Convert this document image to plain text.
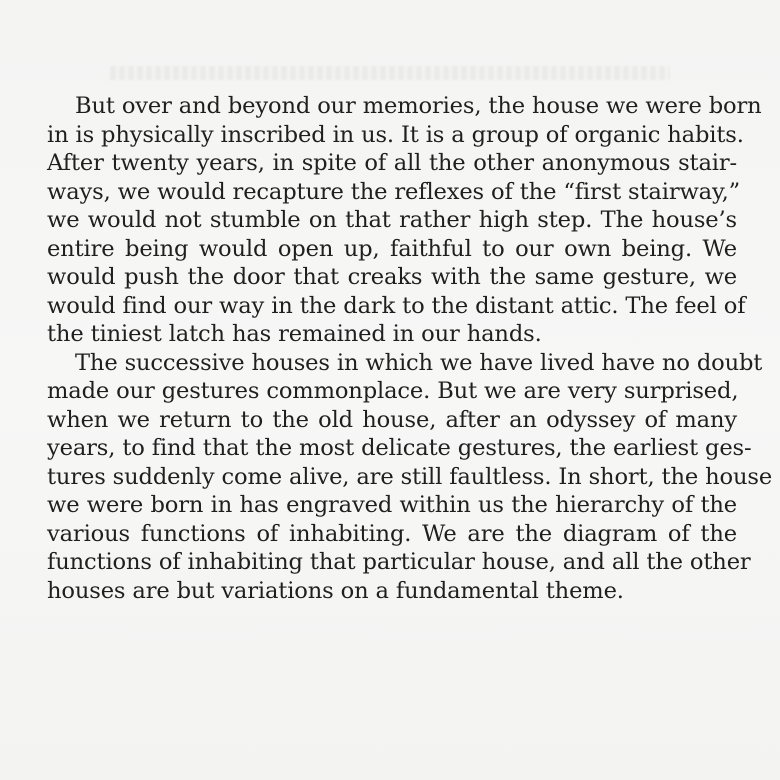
But over and beyond our memories, the house we were born
in is physically inscribed in us. It is a group of organic habits.
After twenty years, in spite of all the other anonymous stair-
ways, we would recapture the reflexes of the “first stairway,”
we would not stumble on that rather high step. The house’s
entire being would open up, faithful to our own being. We
would push the door that creaks with the same gesture, we
would find our way in the dark to the distant attic. The feel of
the tiniest latch has remained in our hands.

The successive houses in which we have lived have no doubt
made our gestures commonplace. But we are very surprised,
when we return to the old house, after an odyssey of many
years, to find that the most delicate gestures, the earliest ges-
tures suddenly come alive, are still faultless. In short, the house
we were born in has engraved within us the hierarchy of the
various functions of inhabiting. We are the diagram of the
functions of inhabiting that particular house, and all the other
houses are but variations on a fundamental theme.
